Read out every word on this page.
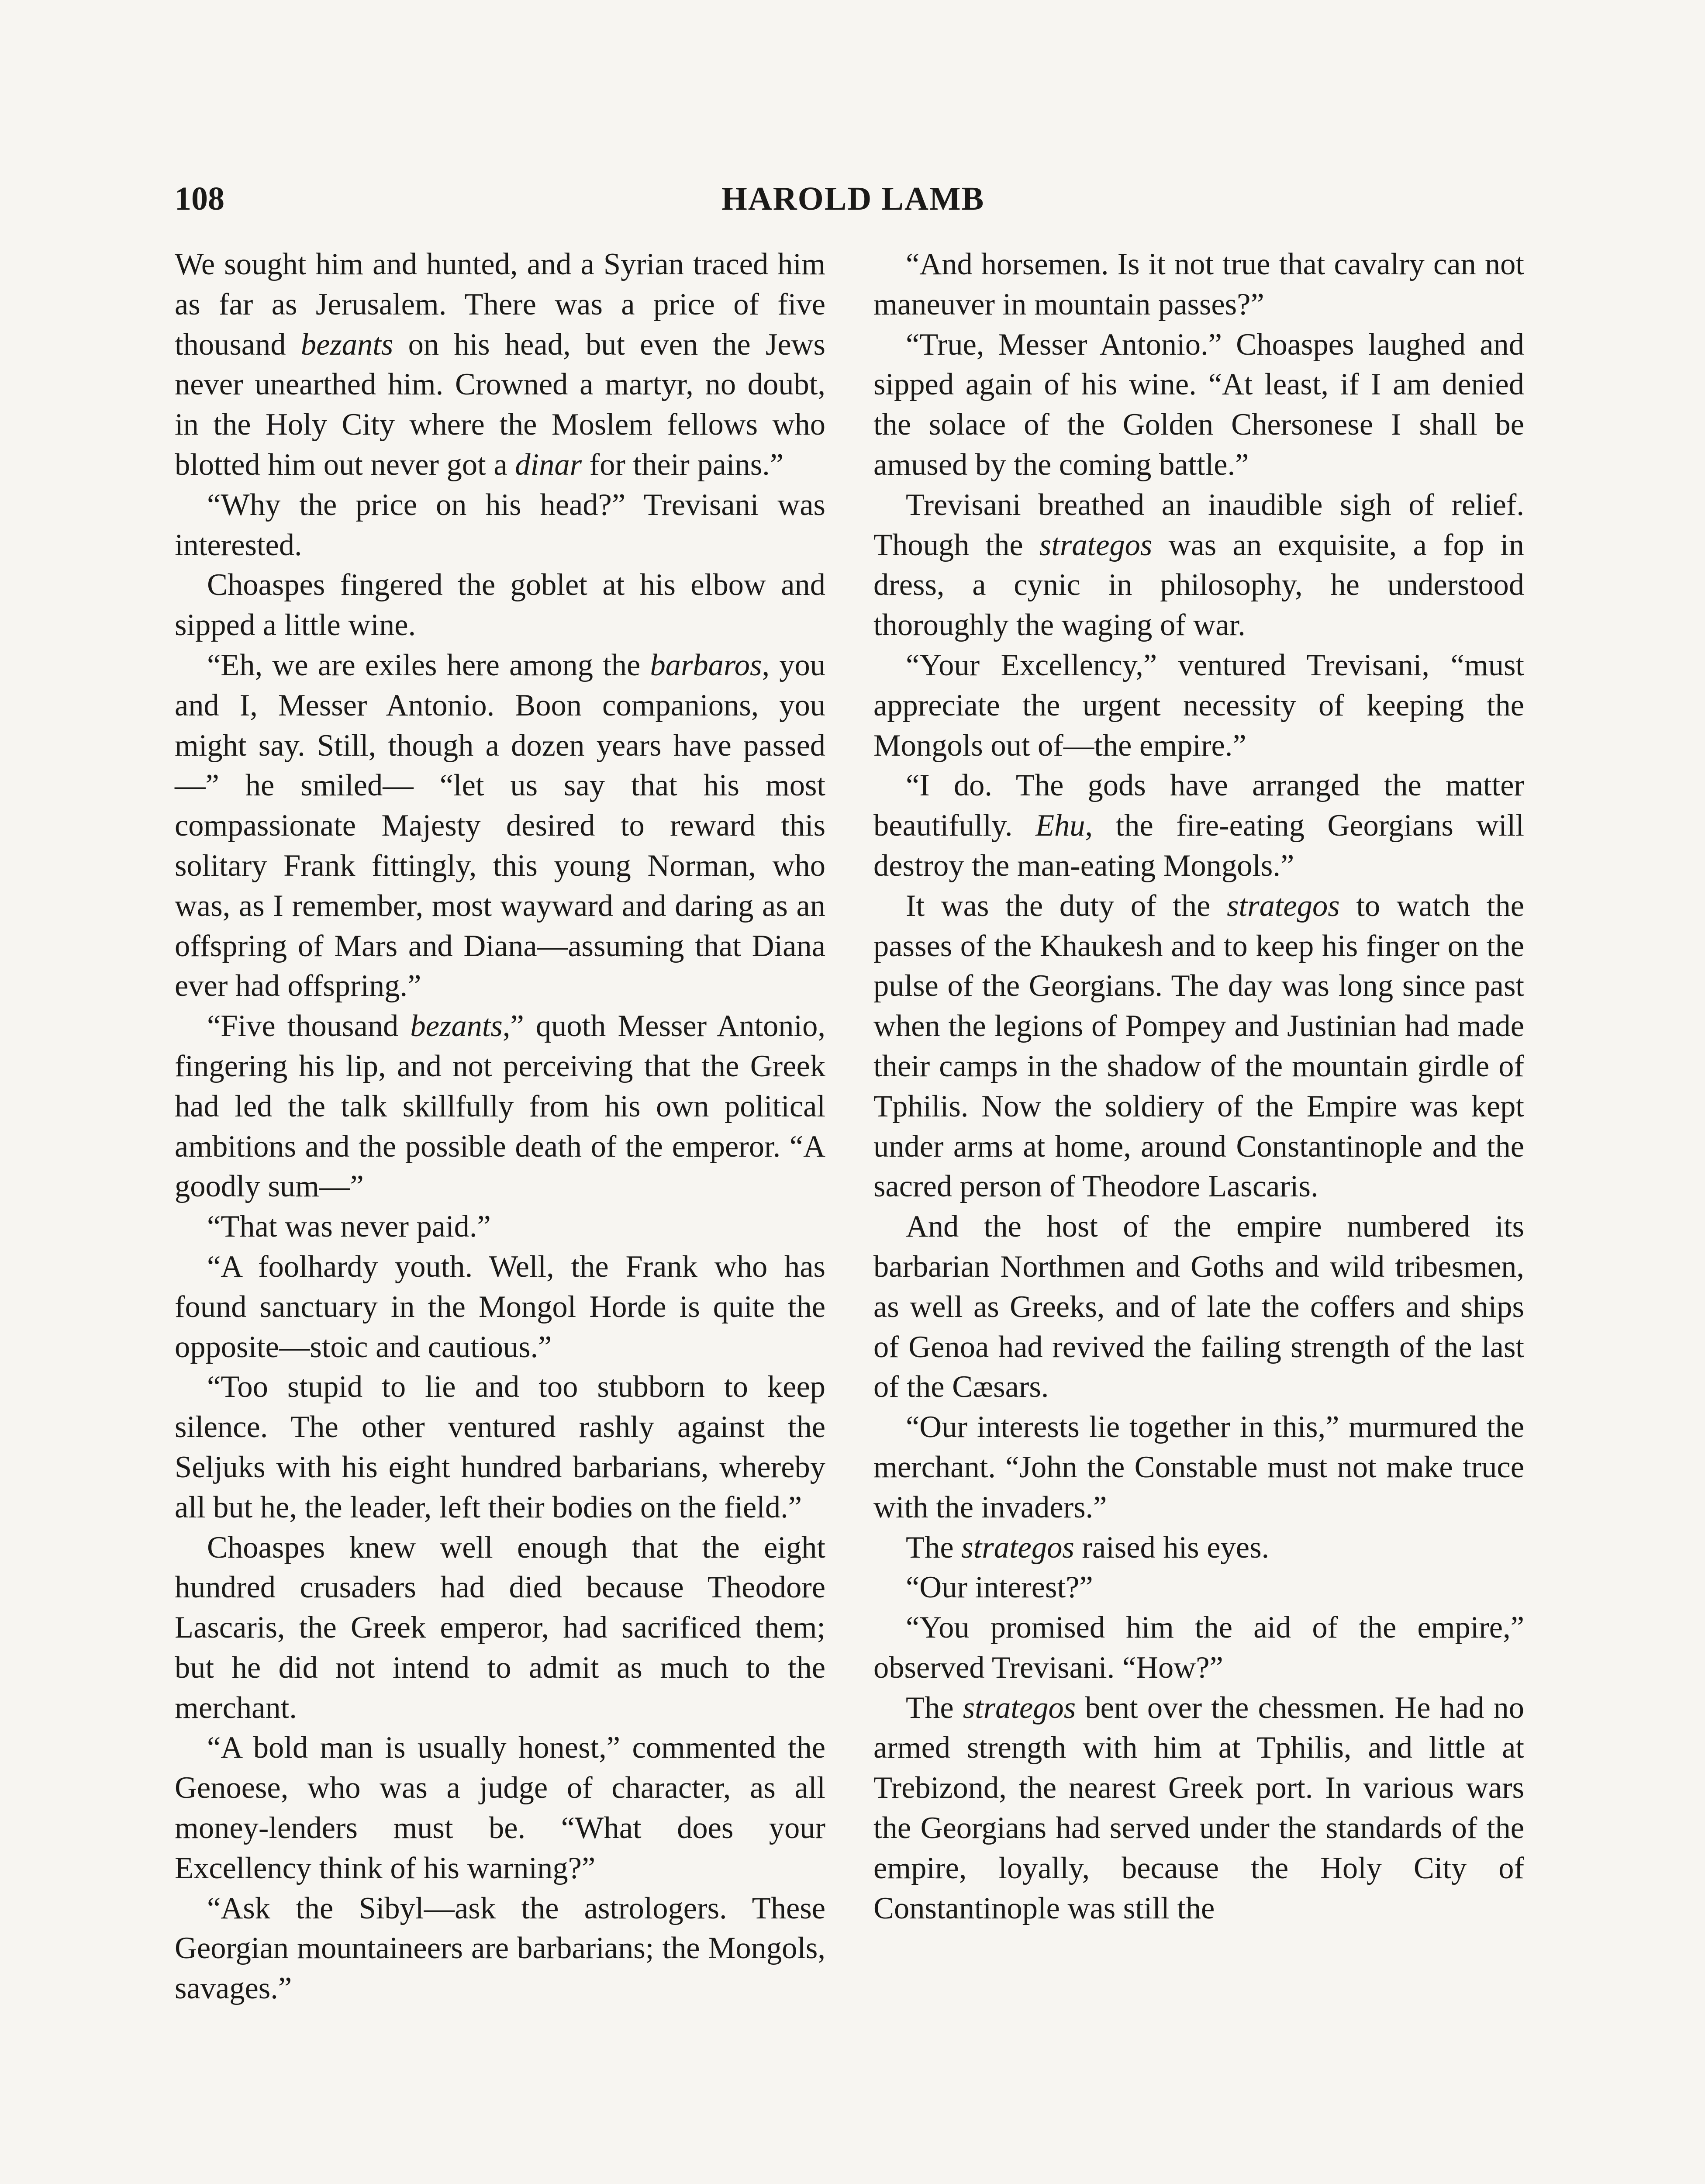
108	HAROLD LAMB

We sought him and hunted, and a Syrian traced him as far as Jerusalem. There was a price of five thousand bezants on his head, but even the Jews never unearthed him. Crowned a martyr, no doubt, in the Holy City where the Moslem fellows who blotted him out never got a dinar for their pains.”

“Why the price on his head?” Trevisani was interested.

Choaspes fingered the goblet at his elbow and sipped a little wine.

“Eh, we are exiles here among the barbaros, you and I, Messer Antonio. Boon companions, you might say. Still, though a dozen years have passed—” he smiled— “let us say that his most compassionate Majesty desired to reward this solitary Frank fittingly, this young Norman, who was, as I remember, most wayward and daring as an offspring of Mars and Diana—assuming that Diana ever had offspring.”

“Five thousand bezants,” quoth Messer Antonio, fingering his lip, and not perceiving that the Greek had led the talk skillfully from his own political ambitions and the possible death of the emperor. “A goodly sum—”

“That was never paid.”

“A foolhardy youth. Well, the Frank who has found sanctuary in the Mongol Horde is quite the opposite—stoic and cautious.”

“Too stupid to lie and too stubborn to keep silence. The other ventured rashly against the Seljuks with his eight hundred barbarians, whereby all but he, the leader, left their bodies on the field.”

Choaspes knew well enough that the eight hundred crusaders had died because Theodore Lascaris, the Greek emperor, had sacrificed them; but he did not intend to admit as much to the merchant.

“A bold man is usually honest,” commented the Genoese, who was a judge of character, as all money-lenders must be. “What does your Excellency think of his warning?”

“Ask the Sibyl—ask the astrologers. These Georgian mountaineers are barbarians; the Mongols, savages.”

“And horsemen. Is it not true that cavalry can not maneuver in mountain passes?”

“True, Messer Antonio.” Choaspes laughed and sipped again of his wine. “At least, if I am denied the solace of the Golden Chersonese I shall be amused by the coming battle.”

Trevisani breathed an inaudible sigh of relief. Though the strategos was an exquisite, a fop in dress, a cynic in philosophy, he understood thoroughly the waging of war.

“Your Excellency,” ventured Trevisani, “must appreciate the urgent necessity of keeping the Mongols out of—the empire.”

“I do. The gods have arranged the matter beautifully. Ehu, the fire-eating Georgians will destroy the man-eating Mongols.”

It was the duty of the strategos to watch the passes of the Khaukesh and to keep his finger on the pulse of the Georgians. The day was long since past when the legions of Pompey and Justinian had made their camps in the shadow of the mountain girdle of Tphilis. Now the soldiery of the Empire was kept under arms at home, around Constantinople and the sacred person of Theodore Lascaris.

And the host of the empire numbered its barbarian Northmen and Goths and wild tribesmen, as well as Greeks, and of late the coffers and ships of Genoa had revived the failing strength of the last of the Cæsars.

“Our interests lie together in this,” murmured the merchant. “John the Constable must not make truce with the invaders.”

The strategos raised his eyes.

“Our interest?”

“You promised him the aid of the empire,” observed Trevisani. “How?”

The strategos bent over the chessmen. He had no armed strength with him at Tphilis, and little at Trebizond, the nearest Greek port. In various wars the Georgians had served under the standards of the empire, loyally, because the Holy City of Constantinople was still the
